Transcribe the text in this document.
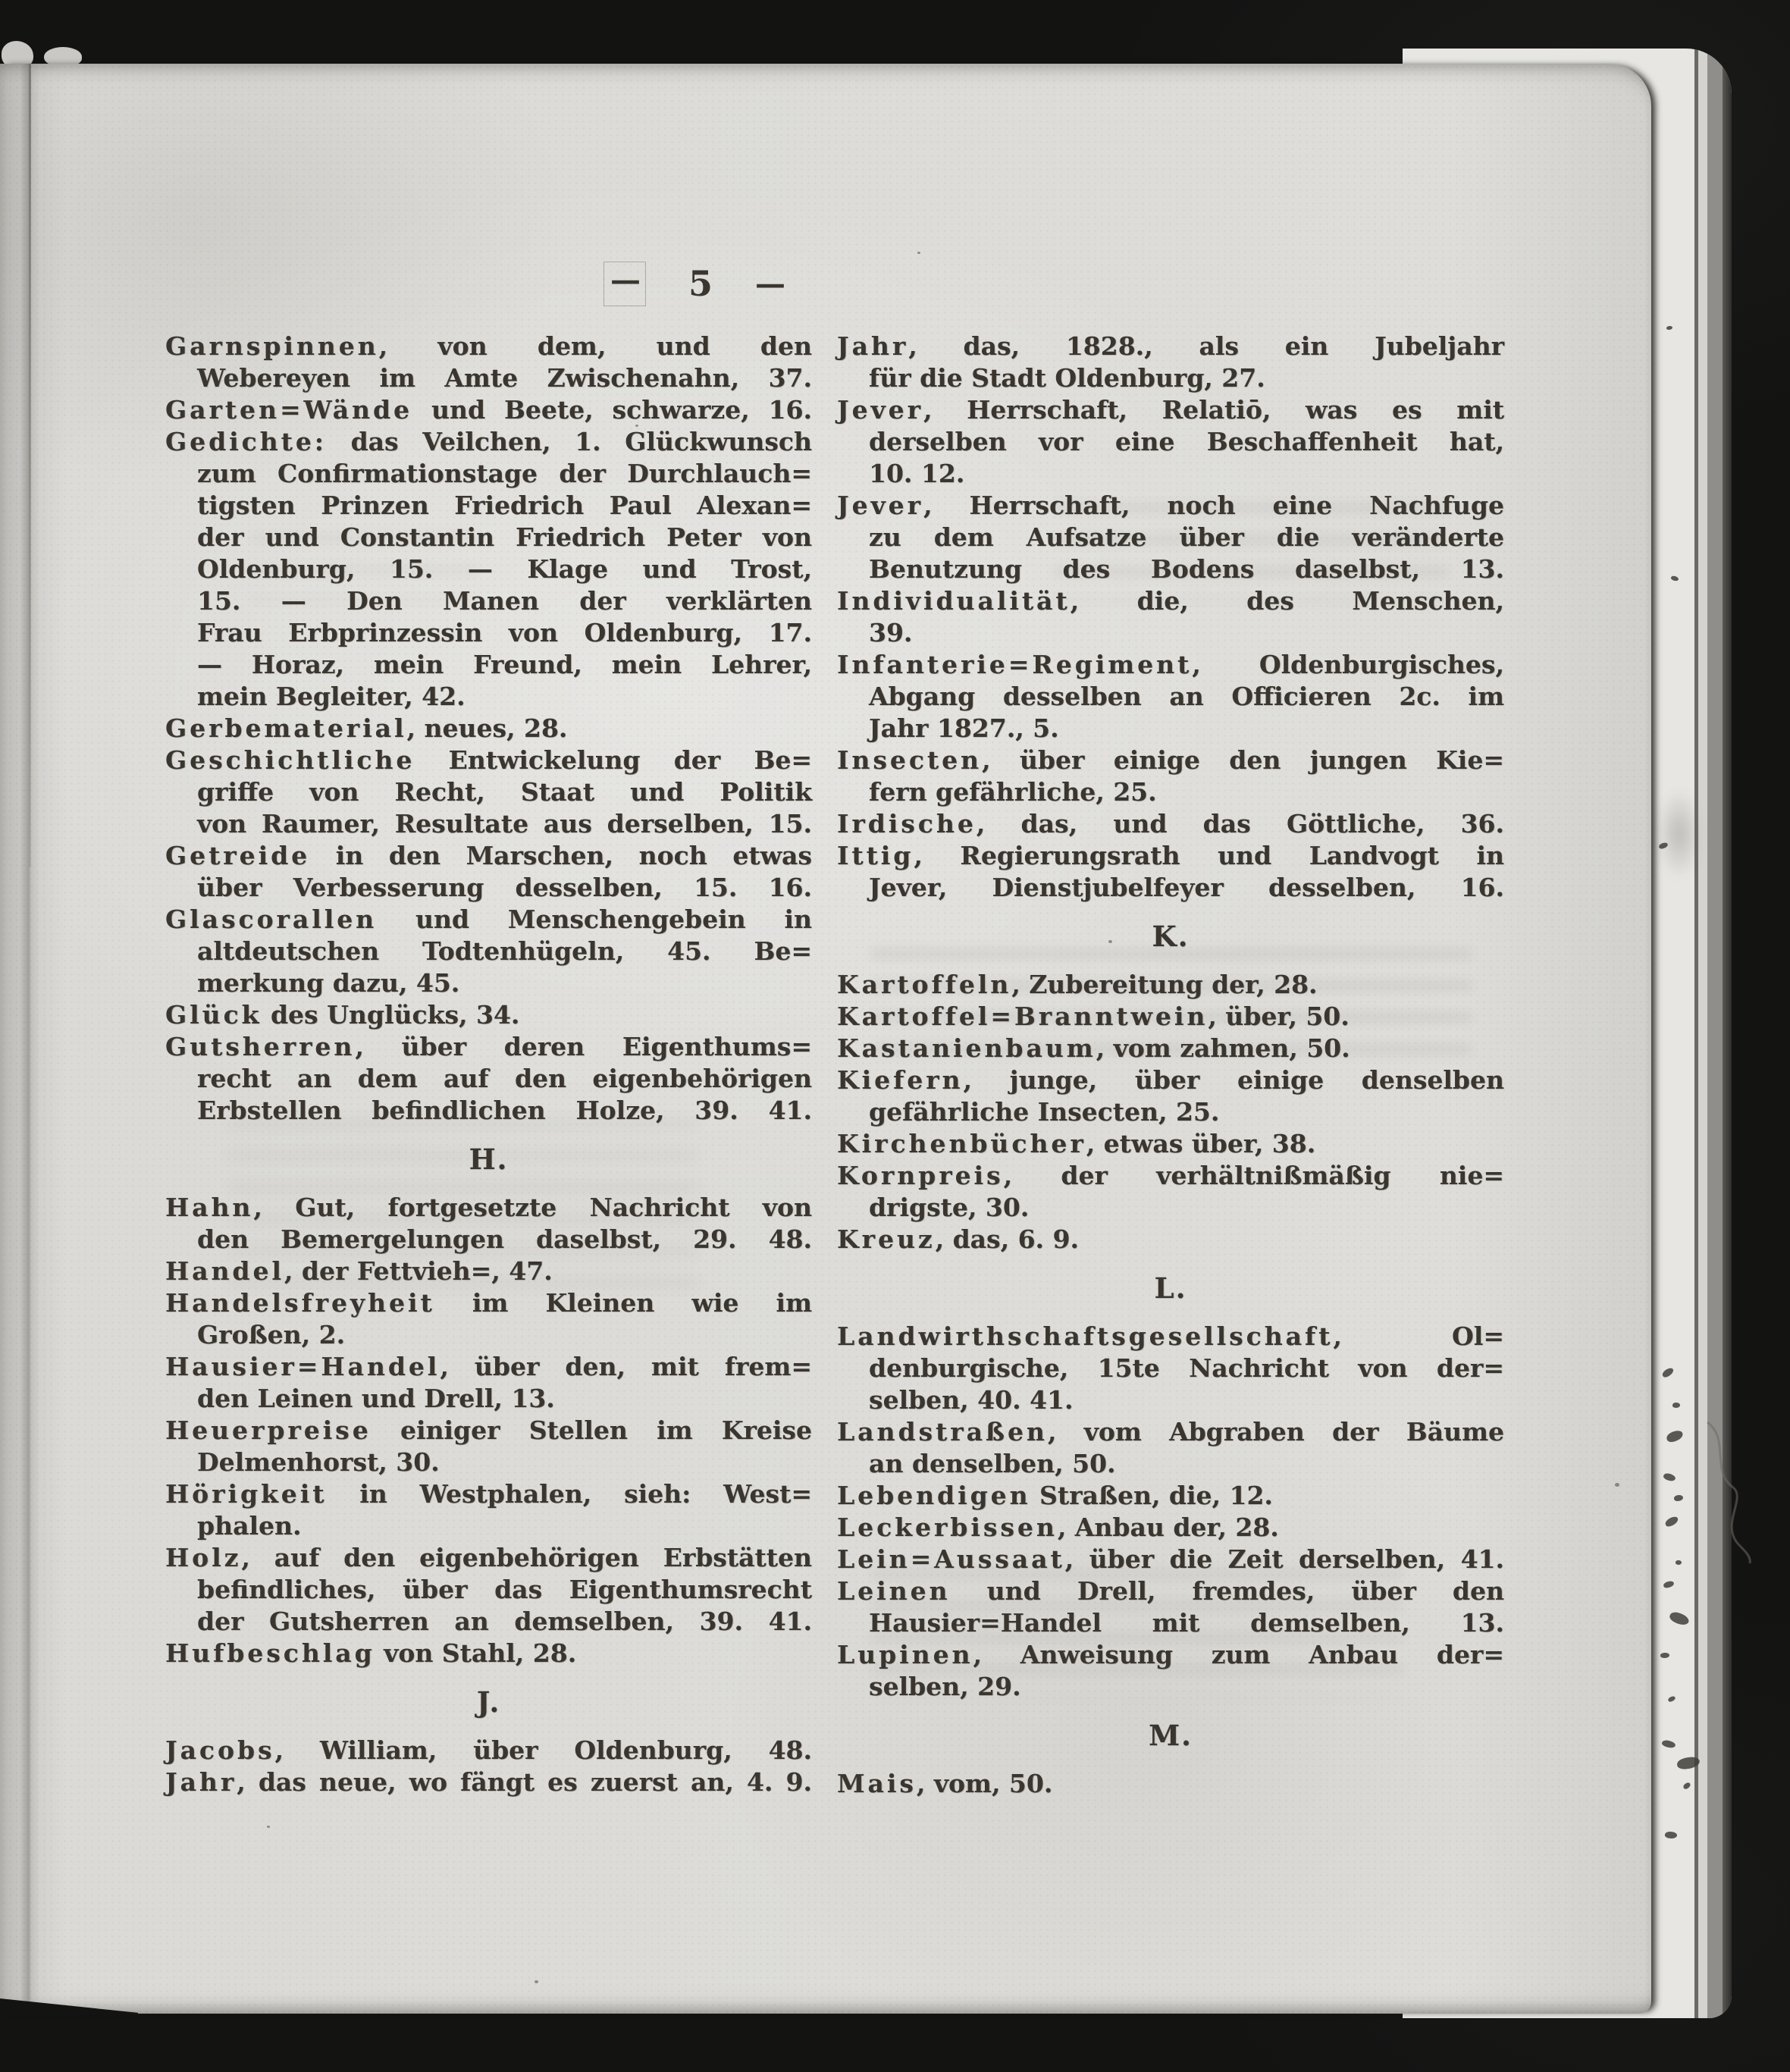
— 5 —
Garnspinnen, von dem, und den
Webereyen im Amte Zwischenahn, 37.
Garten=Wände und Beete, schwarze, 16.
Gedichte: das Veilchen, 1. Glückwunsch
zum Confirmationstage der Durchlauch=
tigsten Prinzen Friedrich Paul Alexan=
der und Constantin Friedrich Peter von
Oldenburg, 15. — Klage und Trost,
15. — Den Manen der verklärten
Frau Erbprinzessin von Oldenburg, 17.
— Horaz, mein Freund, mein Lehrer,
mein Begleiter, 42.
Gerbematerial, neues, 28.
Geschichtliche Entwickelung der Be=
griffe von Recht, Staat und Politik
von Raumer, Resultate aus derselben, 15.
Getreide in den Marschen, noch etwas
über Verbesserung desselben, 15. 16.
Glascorallen und Menschengebein in
altdeutschen Todtenhügeln, 45. Be=
merkung dazu, 45.
Glück des Unglücks, 34.
Gutsherren, über deren Eigenthums=
recht an dem auf den eigenbehörigen
Erbstellen befindlichen Holze, 39. 41.
H.
Hahn, Gut, fortgesetzte Nachricht von
den Bemergelungen daselbst, 29. 48.
Handel, der Fettvieh=, 47.
Handelsfreyheit im Kleinen wie im
Großen, 2.
Hausier=Handel, über den, mit frem=
den Leinen und Drell, 13.
Heuerpreise einiger Stellen im Kreise
Delmenhorst, 30.
Hörigkeit in Westphalen, sieh: West=
phalen.
Holz, auf den eigenbehörigen Erbstätten
befindliches, über das Eigenthumsrecht
der Gutsherren an demselben, 39. 41.
Hufbeschlag von Stahl, 28.
J.
Jacobs, William, über Oldenburg, 48.
Jahr, das neue, wo fängt es zuerst an, 4. 9.
Jahr, das, 1828., als ein Jubeljahr
für die Stadt Oldenburg, 27.
Jever, Herrschaft, Relatiō, was es mit
derselben vor eine Beschaffenheit hat,
10. 12.
Jever, Herrschaft, noch eine Nachfuge
zu dem Aufsatze über die veränderte
Benutzung des Bodens daselbst, 13.
Individualität, die, des Menschen,
39.
Infanterie=Regiment, Oldenburgisches,
Abgang desselben an Officieren 2c. im
Jahr 1827., 5.
Insecten, über einige den jungen Kie=
fern gefährliche, 25.
Irdische, das, und das Göttliche, 36.
Ittig, Regierungsrath und Landvogt in
Jever, Dienstjubelfeyer desselben, 16.
K.
Kartoffeln, Zubereitung der, 28.
Kartoffel=Branntwein, über, 50.
Kastanienbaum, vom zahmen, 50.
Kiefern, junge, über einige denselben
gefährliche Insecten, 25.
Kirchenbücher, etwas über, 38.
Kornpreis, der verhältnißmäßig nie=
drigste, 30.
Kreuz, das, 6. 9.
L.
Landwirthschaftsgesellschaft, Ol=
denburgische, 15te Nachricht von der=
selben, 40. 41.
Landstraßen, vom Abgraben der Bäume
an denselben, 50.
Lebendigen Straßen, die, 12.
Leckerbissen, Anbau der, 28.
Lein=Aussaat, über die Zeit derselben, 41.
Leinen und Drell, fremdes, über den
Hausier=Handel mit demselben, 13.
Lupinen, Anweisung zum Anbau der=
selben, 29.
M.
Mais, vom, 50.
